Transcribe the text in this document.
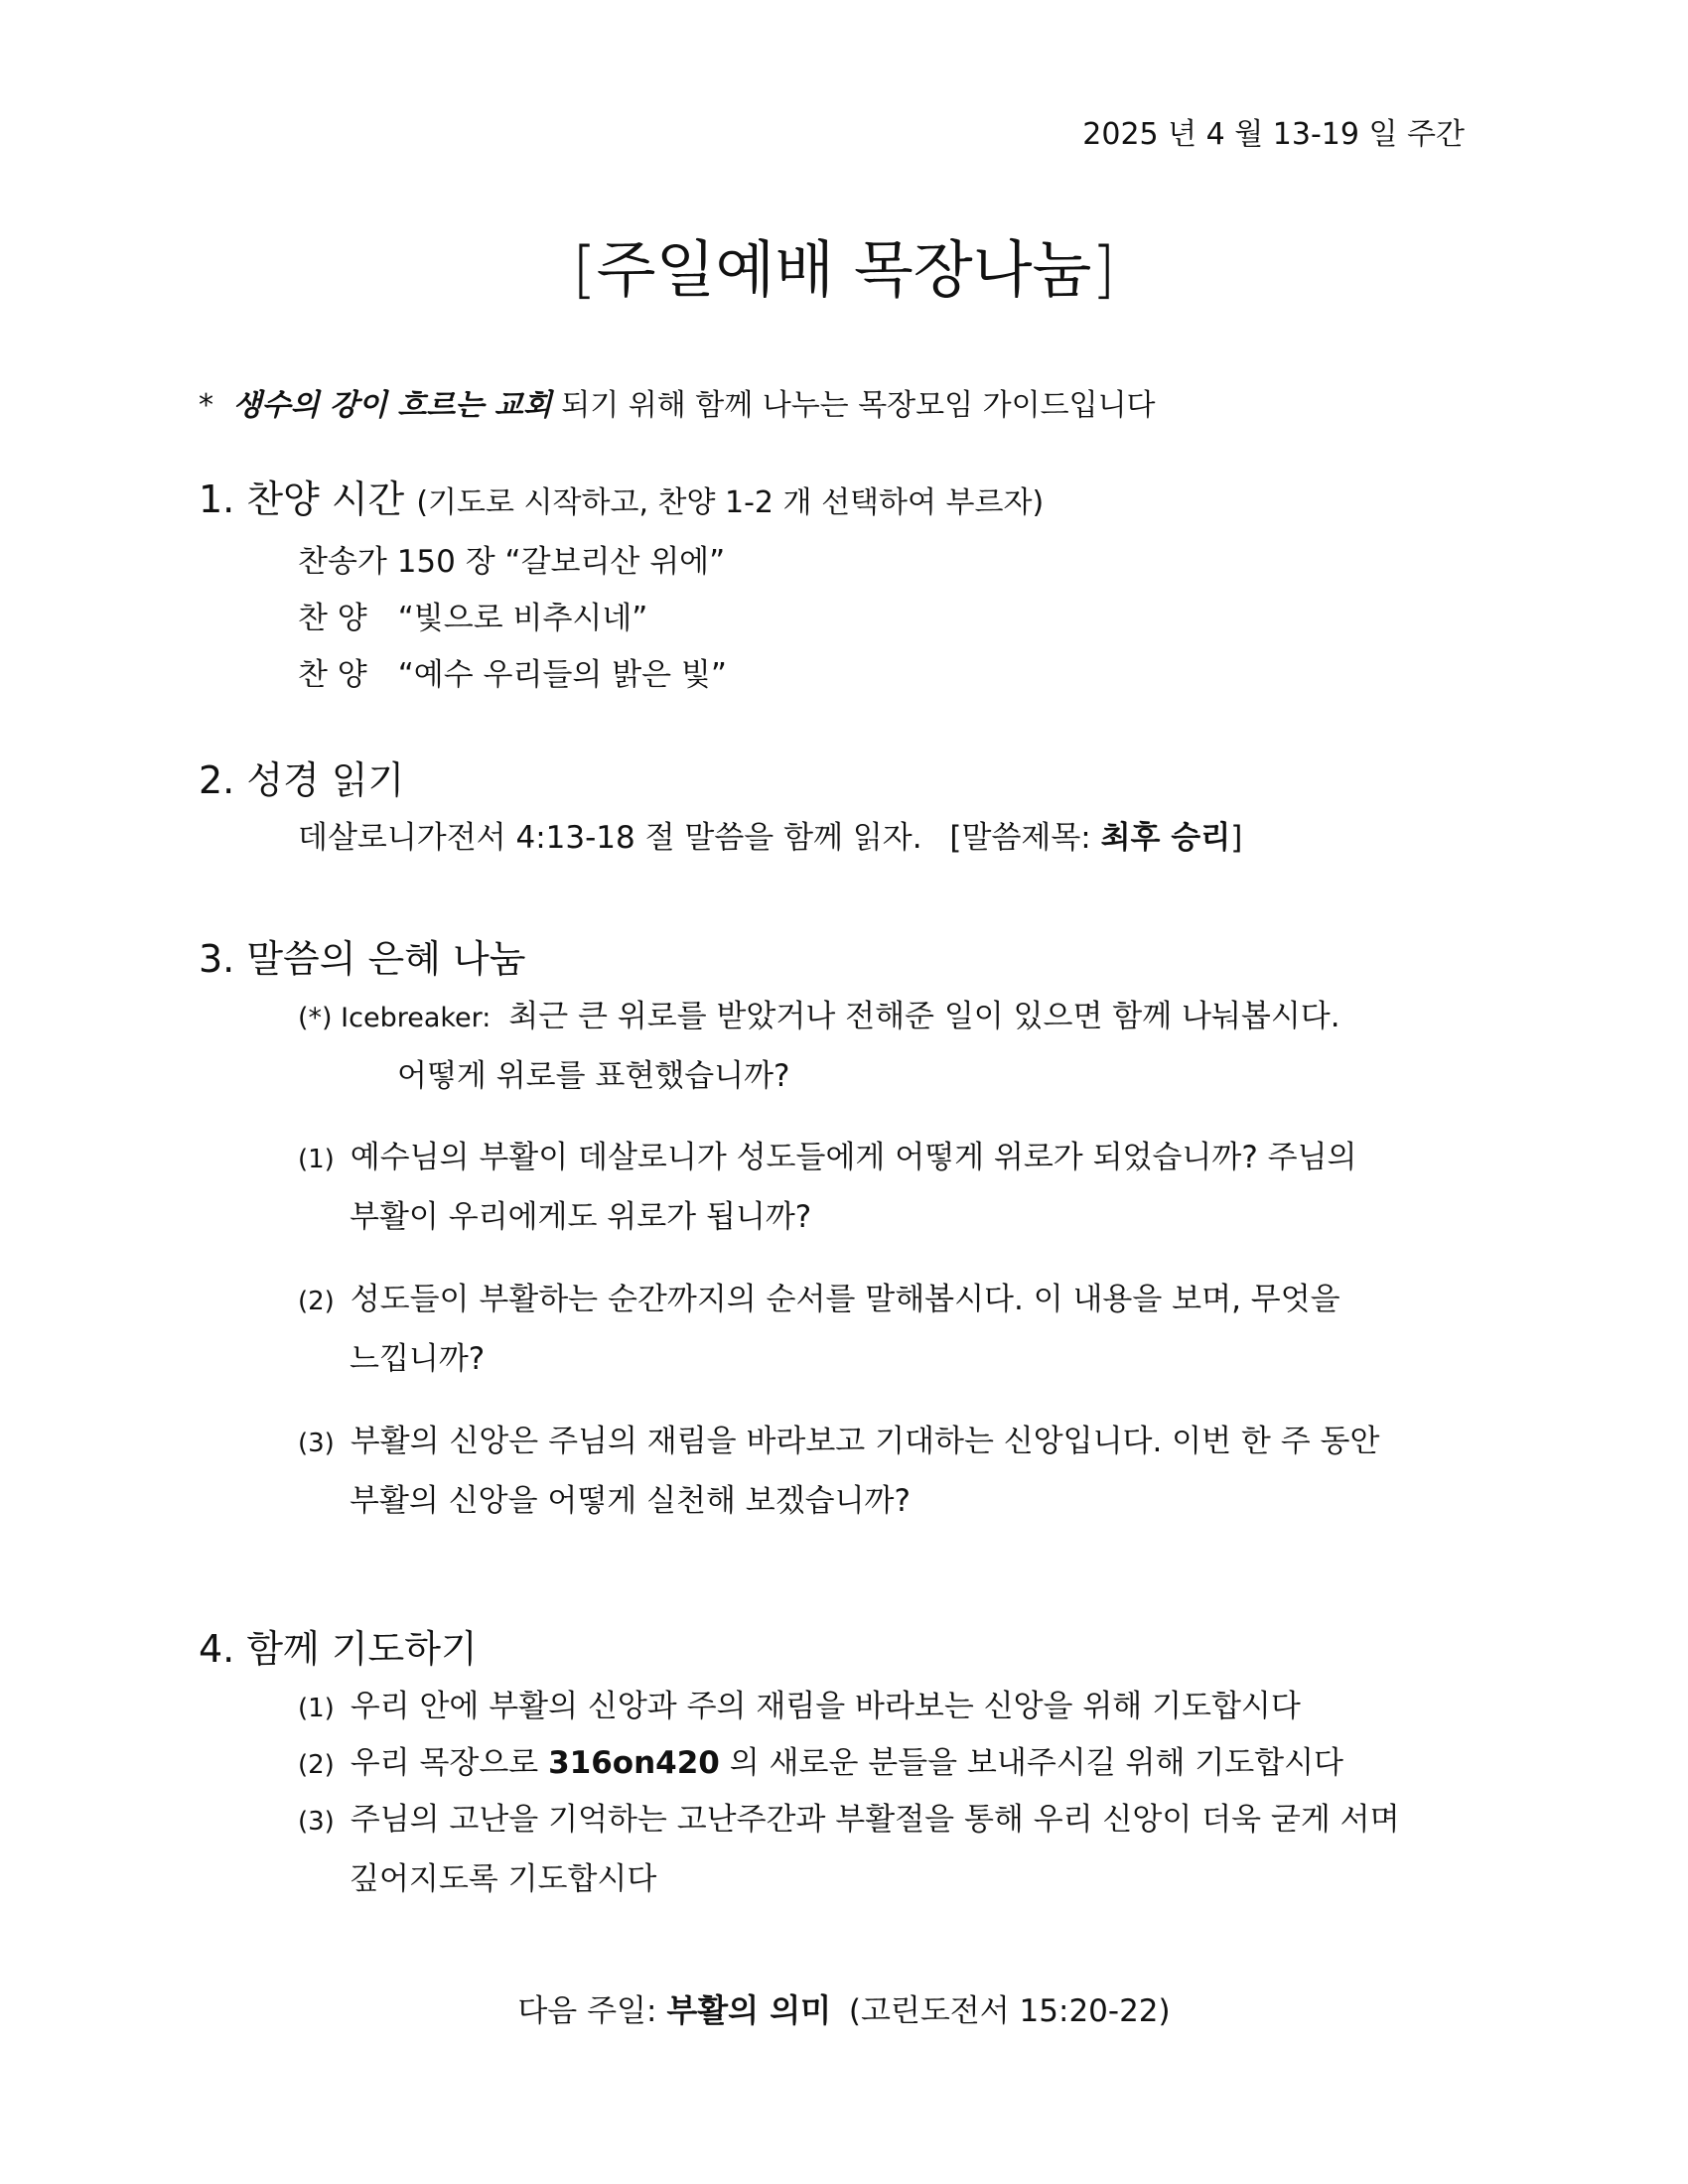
2025 년 4 월 13-19 일 주간
[주일예배 목장나눔]
* 생수의 강이 흐르는 교회 되기 위해 함께 나누는 목장모임 가이드입니다
1. 찬양 시간 (기도로 시작하고, 찬양 1-2 개 선택하여 부르자)
찬송가 150 장 “갈보리산 위에”
찬 양　“빛으로 비추시네”
찬 양　“예수 우리들의 밝은 빛”
2. 성경 읽기
데살로니가전서 4:13-18 절 말씀을 함께 읽자. [말씀제목: 최후 승리]
3. 말씀의 은혜 나눔
(*) Icebreaker: 최근 큰 위로를 받았거나 전해준 일이 있으면 함께 나눠봅시다.
어떻게 위로를 표현했습니까?
(1) 예수님의 부활이 데살로니가 성도들에게 어떻게 위로가 되었습니까? 주님의
부활이 우리에게도 위로가 됩니까?
(2) 성도들이 부활하는 순간까지의 순서를 말해봅시다. 이 내용을 보며, 무엇을
느낍니까?
(3) 부활의 신앙은 주님의 재림을 바라보고 기대하는 신앙입니다. 이번 한 주 동안
부활의 신앙을 어떻게 실천해 보겠습니까?
4. 함께 기도하기
(1) 우리 안에 부활의 신앙과 주의 재림을 바라보는 신앙을 위해 기도합시다
(2) 우리 목장으로 316on420 의 새로운 분들을 보내주시길 위해 기도합시다
(3) 주님의 고난을 기억하는 고난주간과 부활절을 통해 우리 신앙이 더욱 굳게 서며
깊어지도록 기도합시다
다음 주일: 부활의 의미 (고린도전서 15:20-22)
